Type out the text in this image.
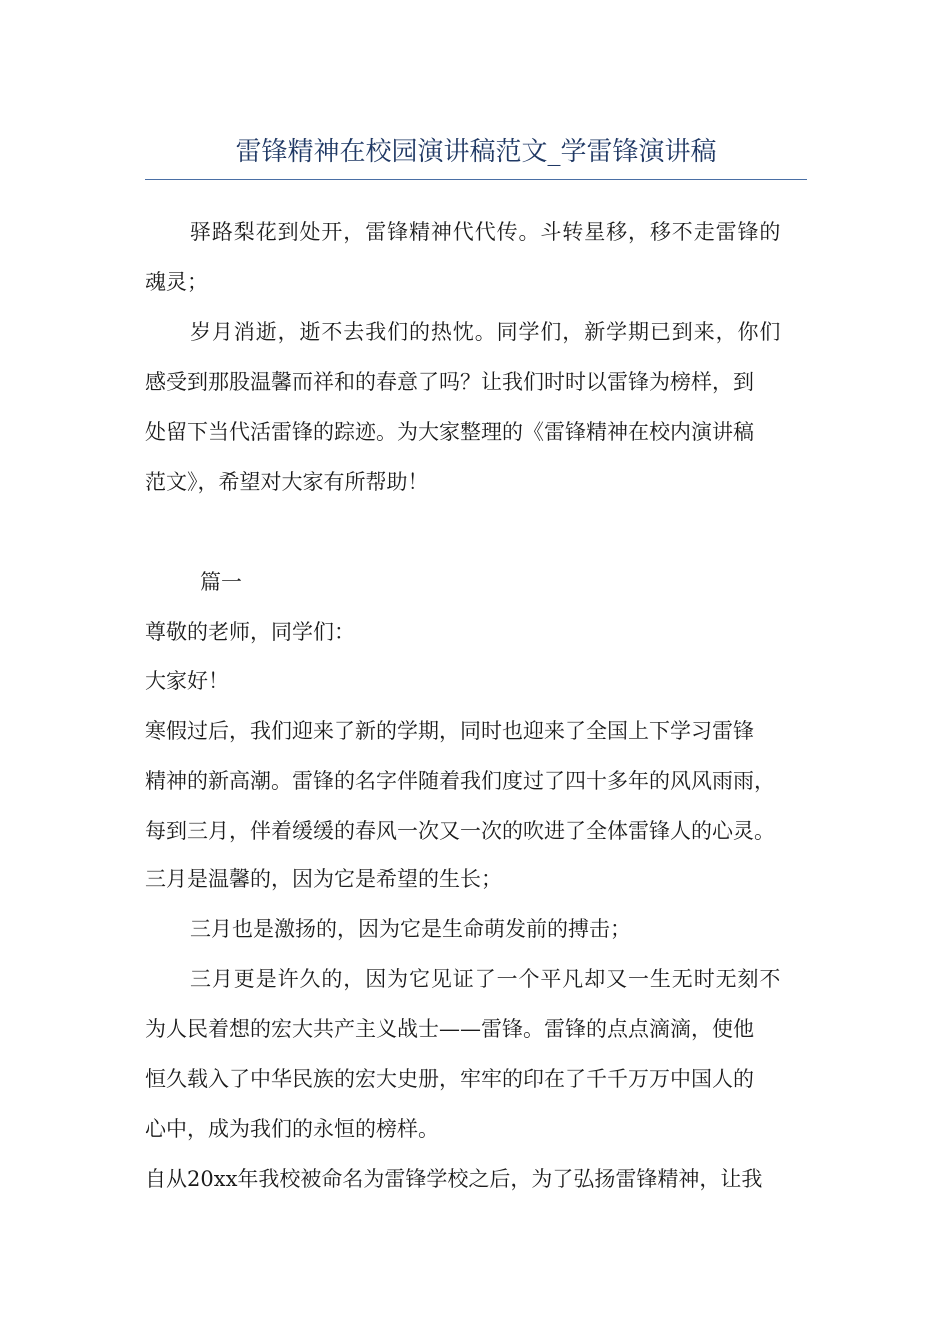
雷锋精神在校园演讲稿范文_学雷锋演讲稿
驿路梨花到处开，雷锋精神代代传。斗转星移，移不走雷锋的
魂灵；
岁月消逝，逝不去我们的热忱。同学们，新学期已到来，你们
感受到那股温馨而祥和的春意了吗？让我们时时以雷锋为榜样，到
处留下当代活雷锋的踪迹。为大家整理的《雷锋精神在校内演讲稿
范文》，希望对大家有所帮助！
篇一
尊敬的老师，同学们：
大家好！
寒假过后，我们迎来了新的学期，同时也迎来了全国上下学习雷锋
精神的新高潮。雷锋的名字伴随着我们度过了四十多年的风风雨雨，
每到三月，伴着缓缓的春风一次又一次的吹进了全体雷锋人的心灵。
三月是温馨的，因为它是希望的生长；
三月也是激扬的，因为它是生命萌发前的搏击；
三月更是许久的，因为它见证了一个平凡却又一生无时无刻不
为人民着想的宏大共产主义战士——雷锋。雷锋的点点滴滴，使他
恒久载入了中华民族的宏大史册，牢牢的印在了千千万万中国人的
心中，成为我们的永恒的榜样。
自从20xx年我校被命名为雷锋学校之后，为了弘扬雷锋精神，让我
